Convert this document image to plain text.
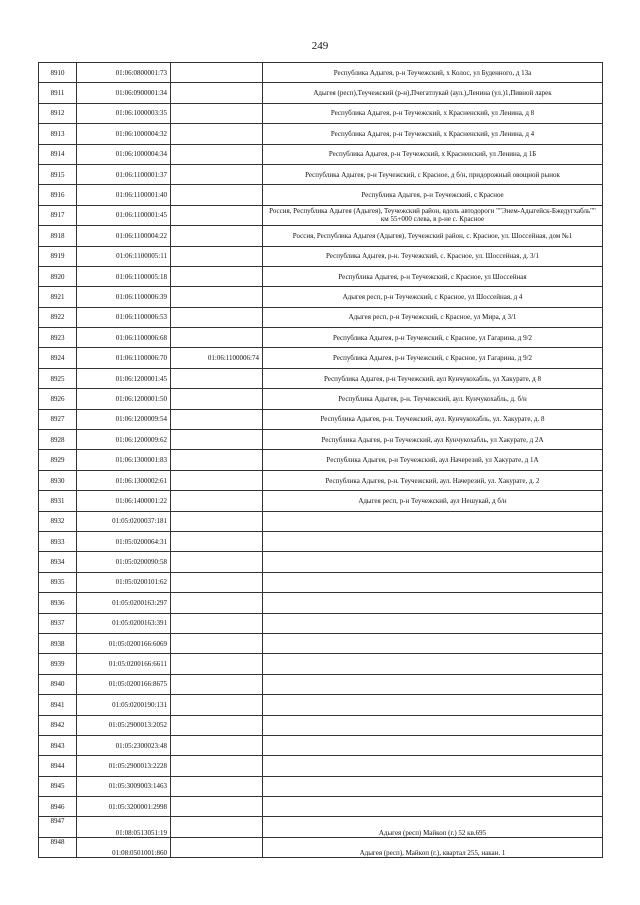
249
8910	01:06:0800001:73		Республика Адыгея, р-н Теучежский, х Колос, ул Буденного, д 13а
8911	01:06:0900001:34		Адыгея (респ),Теучежский (р-н),Пчегатлукай (аул.),Ленина (ул.)1,Пивной ларек
8912	01:06:1000003:35		Республика Адыгея, р-н Теучежский, х Красненский, ул Ленина, д 8
8913	01:06:1000004:32		Республика Адыгея, р-н Теучежский, х Красненский, ул Ленина, д 4
8914	01:06:1000004:34		Республика Адыгея, р-н Теучежский, х Красненский, ул Ленина, д 1Б
8915	01:06:1100001:37		Республика Адыгея, р-н Теучежский, с Красное, д б/н, придорожный овощной рынок
8916	01:06:1100001:40		Республика Адыгея, р-н Теучежский, с Красное
8917	01:06:1100001:45		Россия, Республика Адыгея (Адыгея), Теучежский район, вдоль автодороги ""Энем-Адыгейск-Бжедугхабль"" км 55+000 слева, в р-не с. Красное
8918	01:06:1100004:22		Россия, Республика Адыгея (Адыгея), Теучежский район, с. Красное, ул. Шоссейная, дом №1
8919	01:06:1100005:11		Республика Адыгея, р-н. Теучежский, с. Красное, ул. Шоссейная, д. 3/1
8920	01:06:1100005:18		Республика Адыгея, р-н Теучежский, с Красное, ул Шоссейная
8921	01:06:1100006:39		Адыгея респ, р-н Теучежский, с Красное, ул Шоссейная, д 4
8922	01:06:1100006:53		Адыгея респ, р-н Теучежский, с Красное, ул Мира, д 3/1
8923	01:06:1100006:68		Республика Адыгея, р-н Теучежский, с Красное, ул Гагарина, д 9/2
8924	01:06:1100006:70	01:06:1100006:74	Республика Адыгея, р-н Теучежский, с Красное, ул Гагарина, д 9/2
8925	01:06:1200001:45		Республика Адыгея, р-н Теучежский, аул Кунчукохабль, ул Хакурате, д 8
8926	01:06:1200001:50		Республика Адыгея, р-н. Теучежский, аул. Кунчукохабль, д. б/н
8927	01:06:1200009:54		Республика Адыгея, р-н. Теучежский, аул. Кунчукохабль, ул. Хакурате, д. 8
8928	01:06:1200009:62		Республика Адыгея, р-н Теучежский, аул Кунчукохабль, ул Хакурате, д 2А
8929	01:06:1300001:83		Республика Адыгея, р-н Теучежский, аул Начерезий, ул Хакурате, д 1А
8930	01:06:1300002:61		Республика Адыгея, р-н. Теучежский, аул. Начерезий, ул. Хакурате, д. 2
8931	01:06:1400001:22		Адыгея респ, р-н Теучежский, аул Нешукай, д б/н
8932	01:05:0200037:181		
8933	01:05:0200064:31		
8934	01:05:0200090:58		
8935	01:05:0200101:62		
8936	01:05:0200163:297		
8937	01:05:0200163:391		
8938	01:05:0200166:6069		
8939	01:05:0200166:6611		
8940	01:05:0200166:8675		
8941	01:05:0200190:131		
8942	01:05:2900013:2052		
8943	01:05:2300023:48		
8944	01:05:2900013:2228		
8945	01:05:3009003:1463		
8946	01:05:3200001:2998		
8947	01:08:0513051:19		Адыгея (респ) Майкоп (г.) 52 кв.695
8948	01:08:0501001:860		Адыгея (респ), Майкоп (г.), квартал 255, накан. 1
